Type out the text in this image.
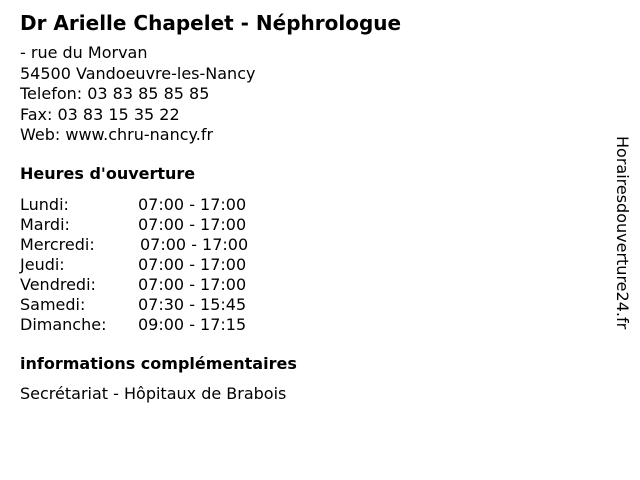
Dr Arielle Chapelet - Néphrologue
- rue du Morvan
54500 Vandoeuvre-les-Nancy
Telefon: 03 83 85 85 85
Fax: 03 83 15 35 22
Web: www.chru-nancy.fr
Heures d'ouverture
Lundi:	07:00 - 17:00
Mardi:	07:00 - 17:00
Mercredi:	07:00 - 17:00
Jeudi:	07:00 - 17:00
Vendredi:	07:00 - 17:00
Samedi:	07:30 - 15:45
Dimanche: 09:00 - 17:15
informations complémentaires
Secrétariat - Hôpitaux de Brabois
Horairesdouverture24.fr
